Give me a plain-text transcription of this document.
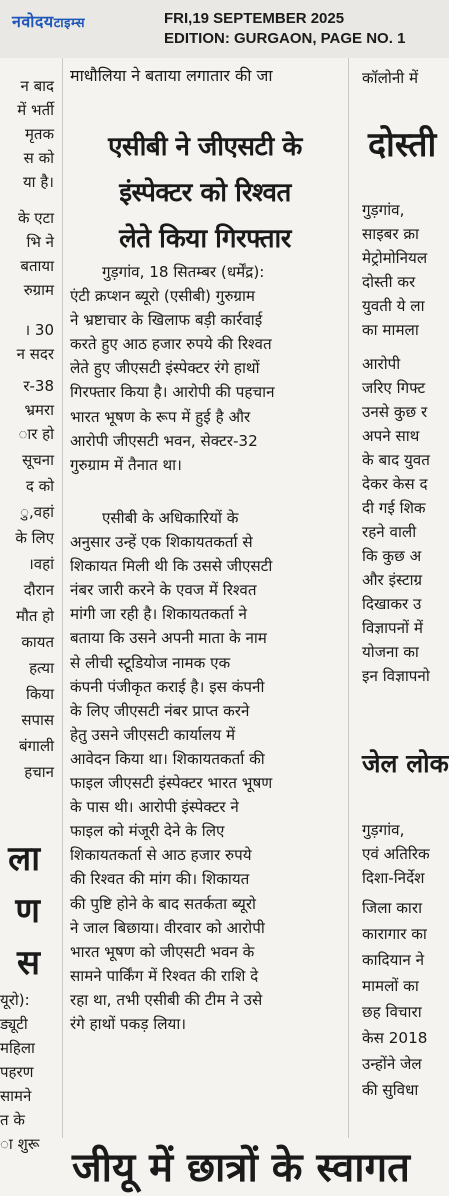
नवोदयटाइम्स	FRI,19 SEPTEMBER 2025
EDITION: GURGAON, PAGE NO. 1
न बाद
में भर्ती
मृतक
स को
या है।
के एटा
भि ने
बताया
रुग्राम
। 30
न सदर
र-38
भ्रमरा
ार हो
सूचना
द को
ु,वहां
के लिए
।वहां
दौरान
मौत हो
कायत
हत्या
किया
सपास
बंगाली
हचान
ला
ण
स
यूरो):
ड्यूटी
महिला
पहरण
सामने
त के
ा शुरू
माधौलिया ने बताया लगातार की जा
एसीबी ने जीएसटी के
इंस्पेक्टर को रिश्वत
लेते किया गिरफ्तार
गुड़गांव, 18 सितम्बर (धर्मेंद्र):
एंटी क्रप्शन ब्यूरो (एसीबी) गुरुग्राम
ने भ्रष्टाचार के खिलाफ बड़ी कार्रवाई
करते हुए आठ हजार रुपये की रिश्वत
लेते हुए जीएसटी इंस्पेक्टर रंगे हाथों
गिरफ्तार किया है। आरोपी की पहचान
भारत भूषण के रूप में हुई है और
आरोपी जीएसटी भवन, सेक्टर-32
गुरुग्राम में तैनात था।
एसीबी के अधिकारियों के
अनुसार उन्हें एक शिकायतकर्ता से
शिकायत मिली थी कि उससे जीएसटी
नंबर जारी करने के एवज में रिश्वत
मांगी जा रही है। शिकायतकर्ता ने
बताया कि उसने अपनी माता के नाम
से लीची स्टूडियोज नामक एक
कंपनी पंजीकृत कराई है। इस कंपनी
के लिए जीएसटी नंबर प्राप्त करने
हेतु उसने जीएसटी कार्यालय में
आवेदन किया था। शिकायतकर्ता की
फाइल जीएसटी इंस्पेक्टर भारत भूषण
के पास थी। आरोपी इंस्पेक्टर ने
फाइल को मंजूरी देने के लिए
शिकायतकर्ता से आठ हजार रुपये
की रिश्वत की मांग की। शिकायत
की पुष्टि होने के बाद सतर्कता ब्यूरो
ने जाल बिछाया। वीरवार को आरोपी
भारत भूषण को जीएसटी भवन के
सामने पार्किंग में रिश्वत की राशि दे
रहा था, तभी एसीबी की टीम ने उसे
रंगे हाथों पकड़ लिया।
कॉलोनी में
दोस्ती
गुड़गांव,
साइबर क्रा
मेट्रोमोनियल
दोस्ती कर
युवती ये ला
का मामला
आरोपी
जरिए गिफ्ट
उनसे कुछ र
अपने साथ
के बाद युवत
देकर केस द
दी गई शिक
रहने वाली
कि कुछ अ
और इंस्टाग्र
दिखाकर उ
विज्ञापनों में
योजना का
इन विज्ञापनो
जेल लोक
गुड़गांव,
एवं अतिरिक
दिशा-निर्देश
जिला कारा
कारागार का
कादियान ने
मामलों का
छह विचारा
केस 2018
उन्होंने जेल
की सुविधा
जीयू में छात्रों के स्वागत
